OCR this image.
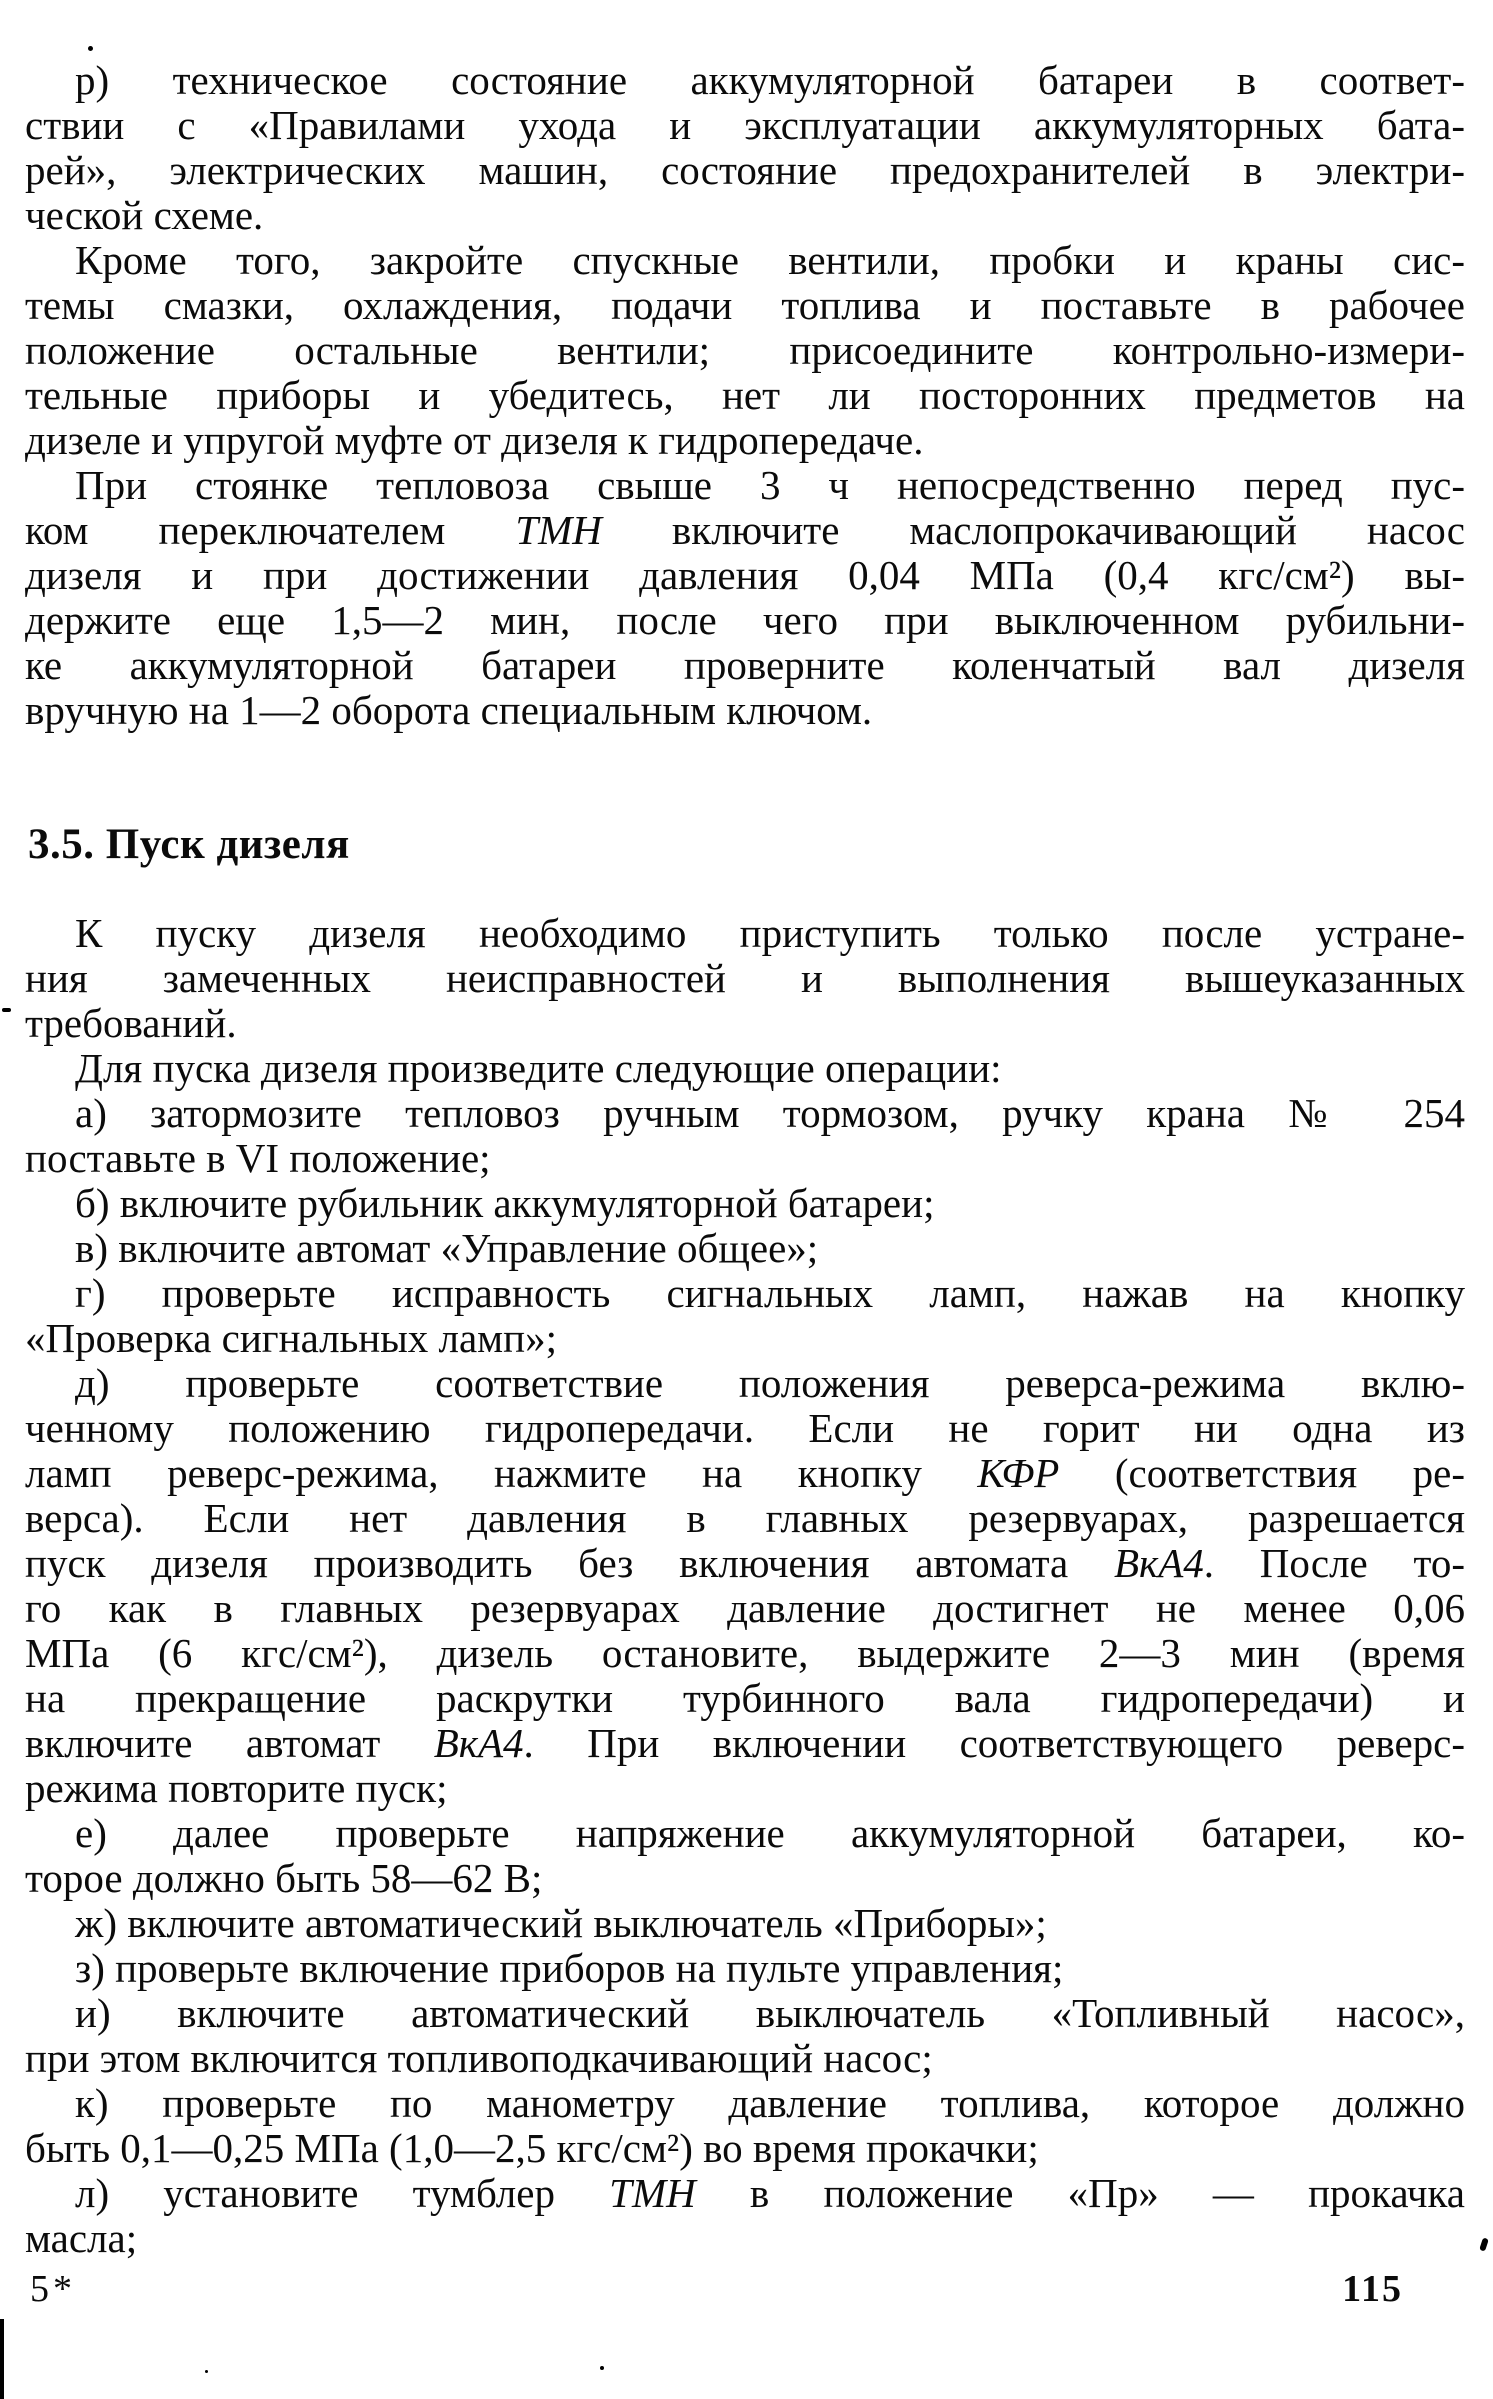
р) техническое состояние аккумуляторной батареи в соответ-
ствии с «Правилами ухода и эксплуатации аккумуляторных бата-
рей», электрических машин, состояние предохранителей в электри-
ческой схеме.
Кроме того, закройте спускные вентили, пробки и краны сис-
темы смазки, охлаждения, подачи топлива и поставьте в рабочее
положение остальные вентили; присоедините контрольно-измери-
тельные приборы и убедитесь, нет ли посторонних предметов на
дизеле и упругой муфте от дизеля к гидропередаче.
При стоянке тепловоза свыше 3 ч непосредственно перед пус-
ком переключателем ТМН включите маслопрокачивающий насос
дизеля и при достижении давления 0,04 МПа (0,4 кгс/см²) вы-
держите еще 1,5—2 мин, после чего при выключенном рубильни-
ке аккумуляторной батареи проверните коленчатый вал дизеля
вручную на 1—2 оборота специальным ключом.
3.5. Пуск дизеля
К пуску дизеля необходимо приступить только после устране-
ния замеченных неисправностей и выполнения вышеуказанных
требований.
Для пуска дизеля произведите следующие операции:
а) затормозите тепловоз ручным тормозом, ручку крана № 254
поставьте в VI положение;
б) включите рубильник аккумуляторной батареи;
в) включите автомат «Управление общее»;
г) проверьте исправность сигнальных ламп, нажав на кнопку
«Проверка сигнальных ламп»;
д) проверьте соответствие положения реверса-режима вклю-
ченному положению гидропередачи. Если не горит ни одна из
ламп реверс-режима, нажмите на кнопку КФР (соответствия ре-
верса). Если нет давления в главных резервуарах, разрешается
пуск дизеля производить без включения автомата ВкА4. После то-
го как в главных резервуарах давление достигнет не менее 0,06
МПа (6 кгс/см²), дизель остановите, выдержите 2—3 мин (время
на прекращение раскрутки турбинного вала гидропередачи) и
включите автомат ВкА4. При включении соответствующего реверс-
режима повторите пуск;
е) далее проверьте напряжение аккумуляторной батареи, ко-
торое должно быть 58—62 В;
ж) включите автоматический выключатель «Приборы»;
з) проверьте включение приборов на пульте управления;
и) включите автоматический выключатель «Топливный насос»,
при этом включится топливоподкачивающий насос;
к) проверьте по манометру давление топлива, которое должно
быть 0,1—0,25 МПа (1,0—2,5 кгс/см²) во время прокачки;
л) установите тумблер ТМН в положение «Пр» — прокачка
масла;
5*	115
